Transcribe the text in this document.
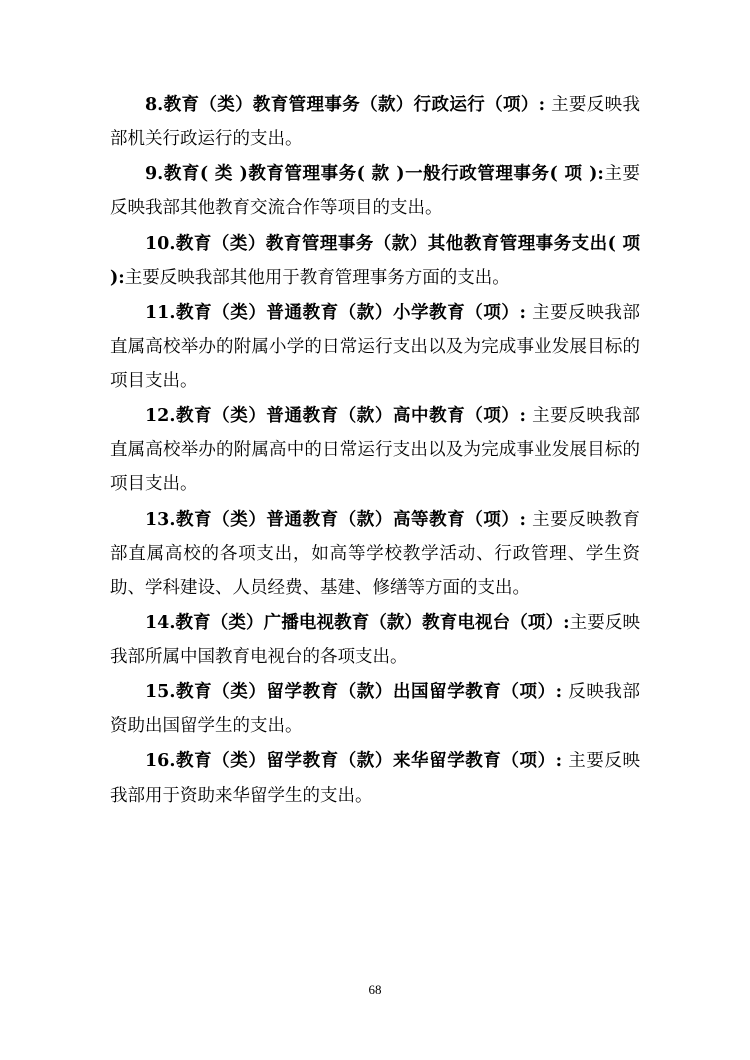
8.教育（类）教育管理事务（款）行政运行（项）: 主要反映我部机关行政运行的支出。

9.教育( 类 )教育管理事务( 款 )一般行政管理事务( 项 ):主要反映我部其他教育交流合作等项目的支出。

10.教育（类）教育管理事务（款）其他教育管理事务支出( 项 ):主要反映我部其他用于教育管理事务方面的支出。

11.教育（类）普通教育（款）小学教育（项）: 主要反映我部直属高校举办的附属小学的日常运行支出以及为完成事业发展目标的项目支出。

12.教育（类）普通教育（款）高中教育（项）: 主要反映我部直属高校举办的附属高中的日常运行支出以及为完成事业发展目标的项目支出。

13.教育（类）普通教育（款）高等教育（项）: 主要反映教育部直属高校的各项支出，如高等学校教学活动、行政管理、学生资助、学科建设、人员经费、基建、修缮等方面的支出。

14.教育（类）广播电视教育（款）教育电视台（项）:主要反映我部所属中国教育电视台的各项支出。

15.教育（类）留学教育（款）出国留学教育（项）: 反映我部资助出国留学生的支出。

16.教育（类）留学教育（款）来华留学教育（项）: 主要反映我部用于资助来华留学生的支出。

68
